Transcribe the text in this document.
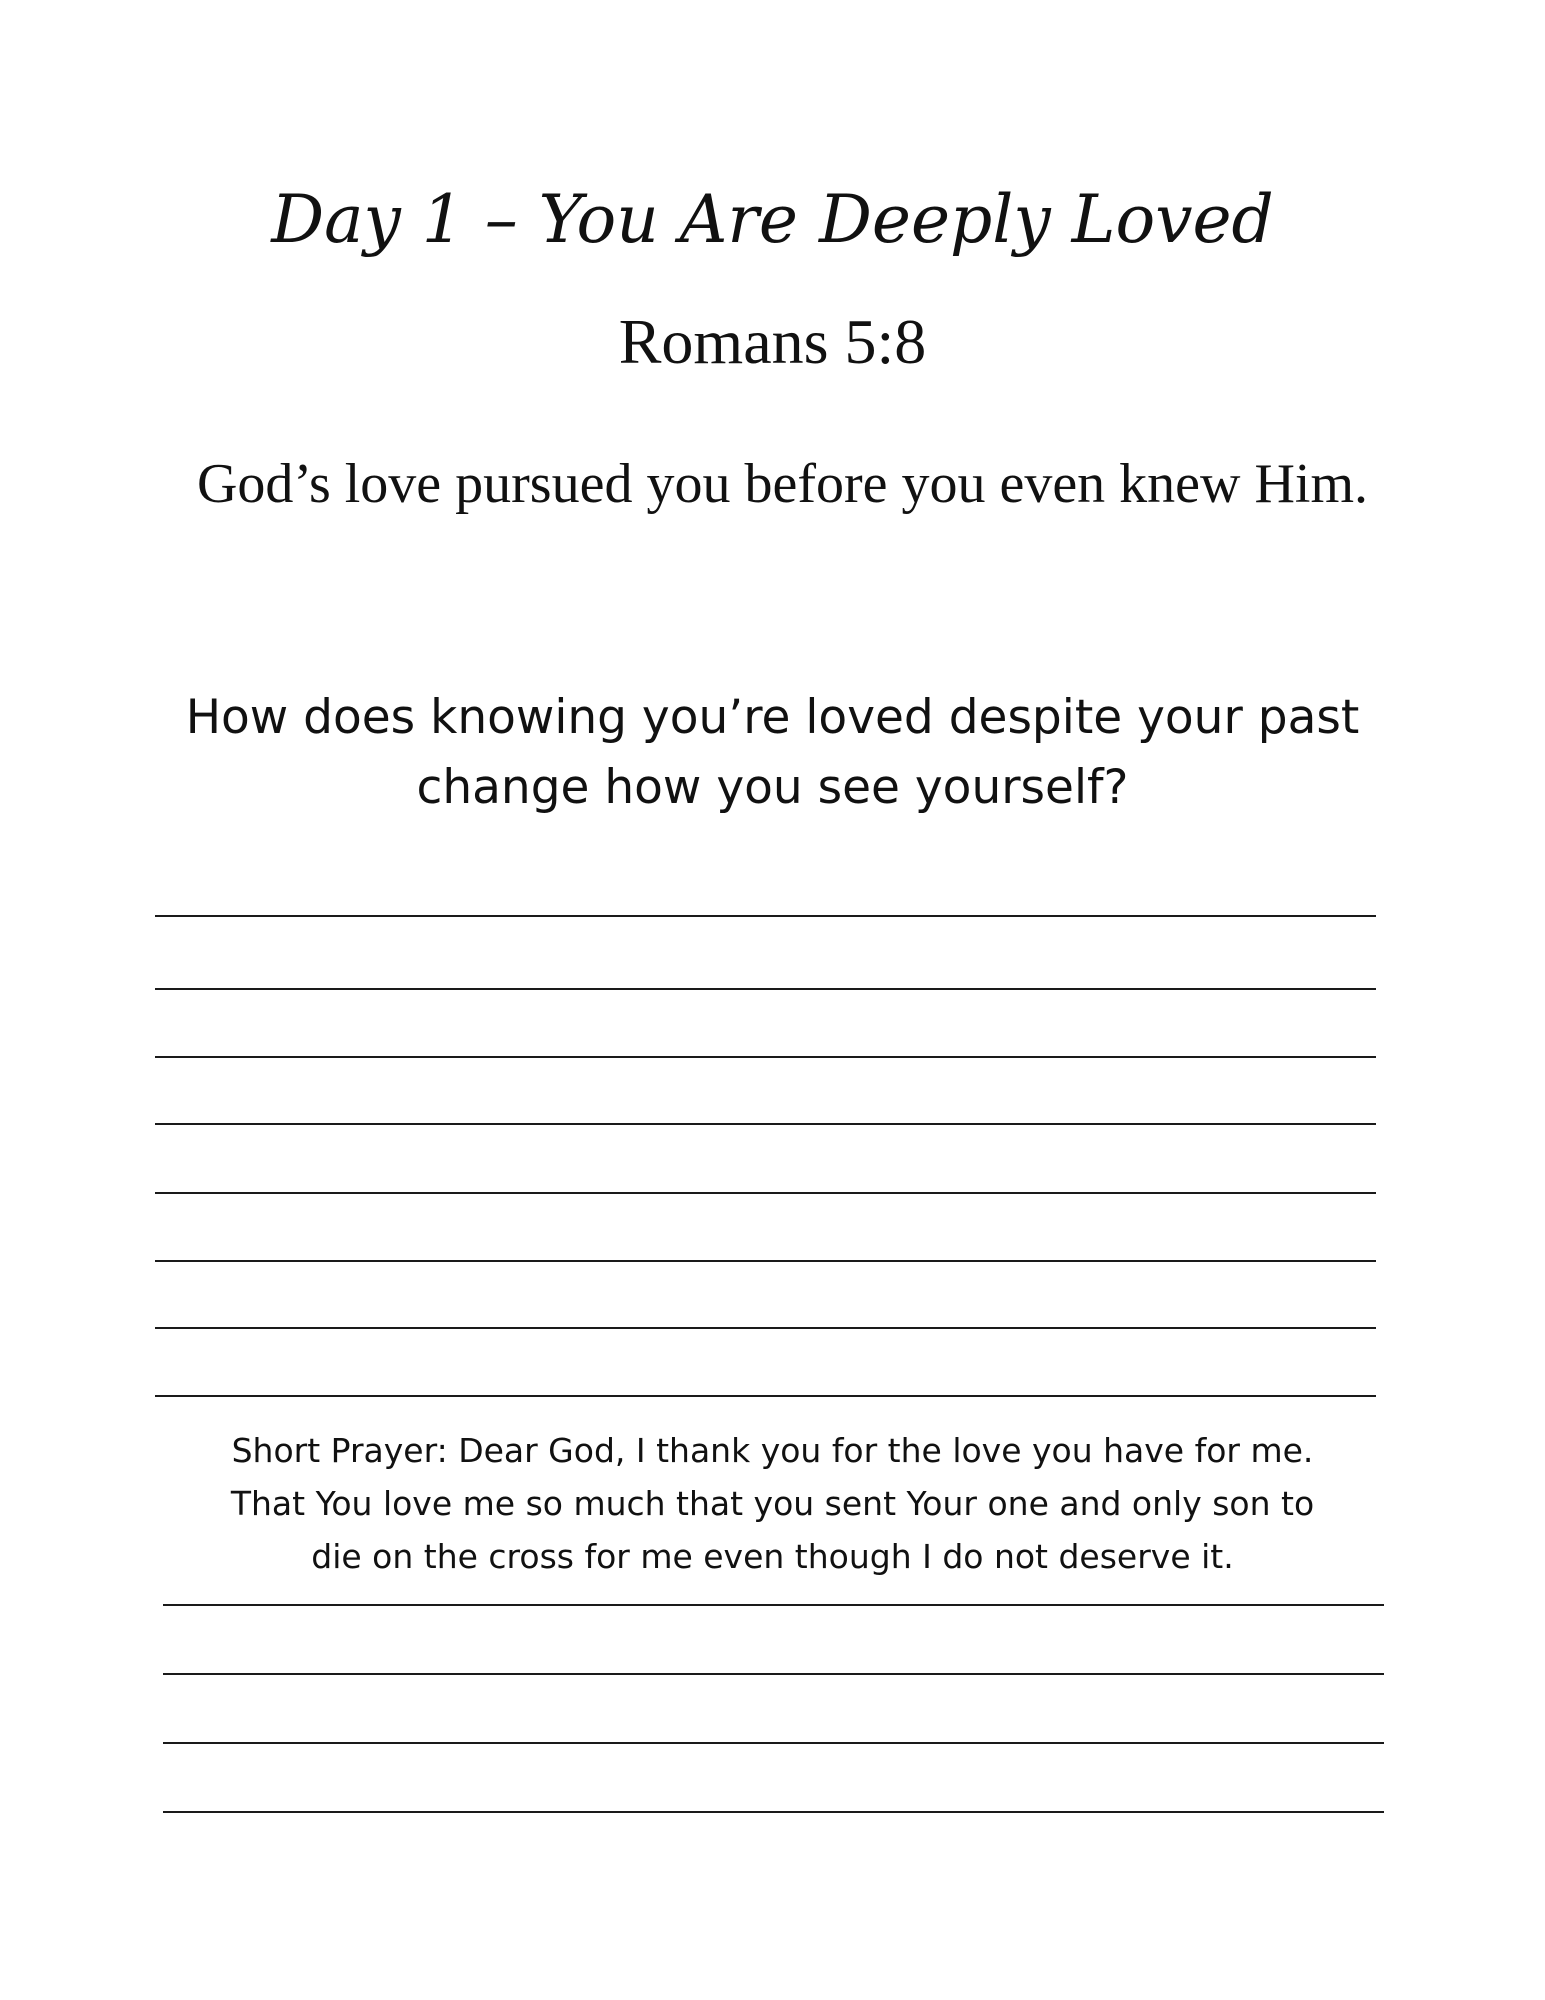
Day 1 – You Are Deeply Loved
Romans 5:8
God’s love pursued you before you even knew Him.
How does knowing you’re loved despite your past
change how you see yourself?
Short Prayer: Dear God, I thank you for the love you have for me.
That You love me so much that you sent Your one and only son to
die on the cross for me even though I do not deserve it.
